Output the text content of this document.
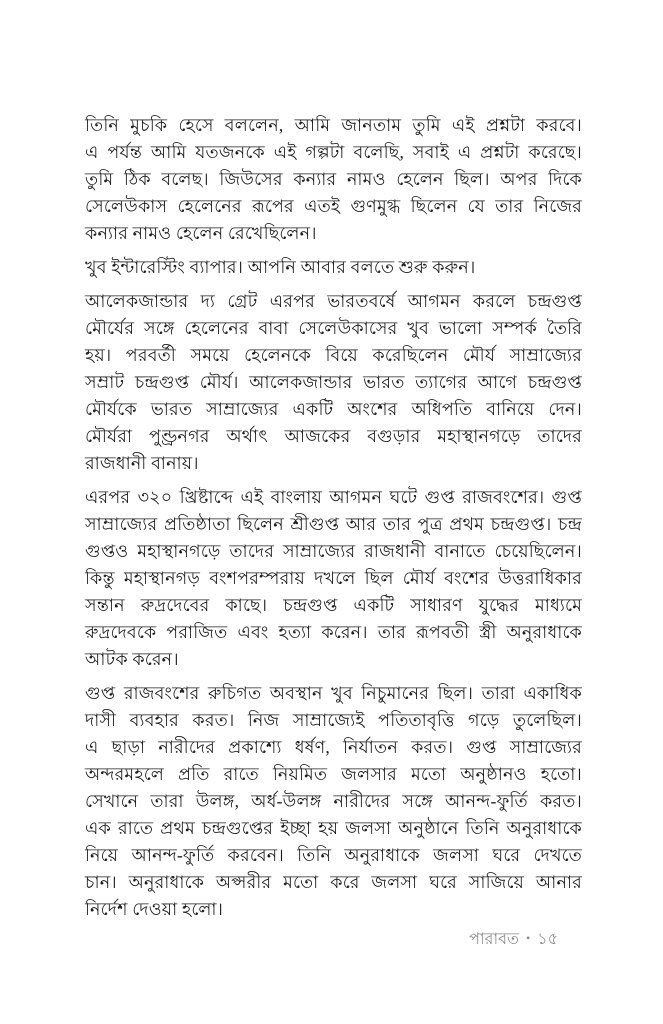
তিনি মুচকি হেসে বললেন, আমি জানতাম তুমি এই প্রশ্নটা করবে।
এ পর্যন্ত আমি যতজনকে এই গল্পটা বলেছি, সবাই এ প্রশ্নটা করেছে।
তুমি ঠিক বলেছ। জিউসের কন্যার নামও হেলেন ছিল। অপর দিকে
সেলেউকাস হেলেনের রূপের এতই গুণমুগ্ধ ছিলেন যে তার নিজের
কন্যার নামও হেলেন রেখেছিলেন।
খুব ইন্টারেস্টিং ব্যাপার। আপনি আবার বলতে শুরু করুন।
আলেকজান্ডার দ্য গ্রেট এরপর ভারতবর্ষে আগমন করলে চন্দ্রগুপ্ত
মৌর্যের সঙ্গে হেলেনের বাবা সেলেউকাসের খুব ভালো সম্পর্ক তৈরি
হয়। পরবর্তী সময়ে হেলেনকে বিয়ে করেছিলেন মৌর্য সাম্রাজ্যের
সম্রাট চন্দ্রগুপ্ত মৌর্য। আলেকজান্ডার ভারত ত্যাগের আগে চন্দ্রগুপ্ত
মৌর্যকে ভারত সাম্রাজ্যের একটি অংশের অধিপতি বানিয়ে দেন।
মৌর্যরা পুণ্ড্রনগর অর্থাৎ আজকের বগুড়ার মহাস্থানগড়ে তাদের
রাজধানী বানায়।
এরপর ৩২০ খ্রিষ্টাব্দে এই বাংলায় আগমন ঘটে গুপ্ত রাজবংশের। গুপ্ত
সাম্রাজ্যের প্রতিষ্ঠাতা ছিলেন শ্রীগুপ্ত আর তার পুত্র প্রথম চন্দ্রগুপ্ত। চন্দ্র
গুপ্তও মহাস্থানগড়ে তাদের সাম্রাজ্যের রাজধানী বানাতে চেয়েছিলেন।
কিন্তু মহাস্থানগড় বংশপরম্পরায় দখলে ছিল মৌর্য বংশের উত্তরাধিকার
সন্তান রুদ্রদেবের কাছে। চন্দ্রগুপ্ত একটি সাধারণ যুদ্ধের মাধ্যমে
রুদ্রদেবকে পরাজিত এবং হত্যা করেন। তার রূপবতী স্ত্রী অনুরাধাকে
আটক করেন।
গুপ্ত রাজবংশের রুচিগত অবস্থান খুব নিচুমানের ছিল। তারা একাধিক
দাসী ব্যবহার করত। নিজ সাম্রাজ্যেই পতিতাবৃত্তি গড়ে তুলেছিল।
এ ছাড়া নারীদের প্রকাশ্যে ধর্ষণ, নির্যাতন করত। গুপ্ত সাম্রাজ্যের
অন্দরমহলে প্রতি রাতে নিয়মিত জলসার মতো অনুষ্ঠানও হতো।
সেখানে তারা উলঙ্গ, অর্ধ-উলঙ্গ নারীদের সঙ্গে আনন্দ-ফুর্তি করত।
এক রাতে প্রথম চন্দ্রগুপ্তের ইচ্ছা হয় জলসা অনুষ্ঠানে তিনি অনুরাধাকে
নিয়ে আনন্দ-ফুর্তি করবেন। তিনি অনুরাধাকে জলসা ঘরে দেখতে
চান। অনুরাধাকে অপ্সরীর মতো করে জলসা ঘরে সাজিয়ে আনার
নির্দেশ দেওয়া হলো।
পারাবত • ১৫
